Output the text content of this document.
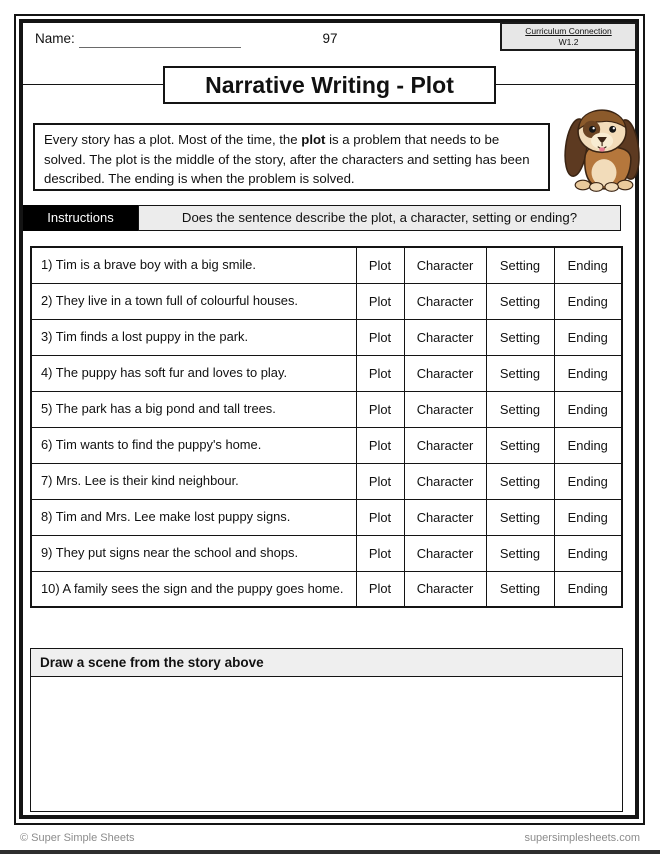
Name:	97	Curriculum Connection
W1.2
Narrative Writing - Plot
Every story has a plot. Most of the time, the plot is a problem that needs to be solved. The plot is the middle of the story, after the characters and setting has been described. The ending is when the problem is solved.
Instructions	Does the sentence describe the plot, a character, setting or ending?
1) Tim is a brave boy with a big smile.	Plot	Character	Setting	Ending
2) They live in a town full of colourful houses.	Plot	Character	Setting	Ending
3) Tim finds a lost puppy in the park.	Plot	Character	Setting	Ending
4) The puppy has soft fur and loves to play.	Plot	Character	Setting	Ending
5) The park has a big pond and tall trees.	Plot	Character	Setting	Ending
6) Tim wants to find the puppy's home.	Plot	Character	Setting	Ending
7) Mrs. Lee is their kind neighbour.	Plot	Character	Setting	Ending
8) Tim and Mrs. Lee make lost puppy signs.	Plot	Character	Setting	Ending
9) They put signs near the school and shops.	Plot	Character	Setting	Ending
10) A family sees the sign and the puppy goes home.	Plot	Character	Setting	Ending
Draw a scene from the story above
© Super Simple Sheets	supersimplesheets.com
